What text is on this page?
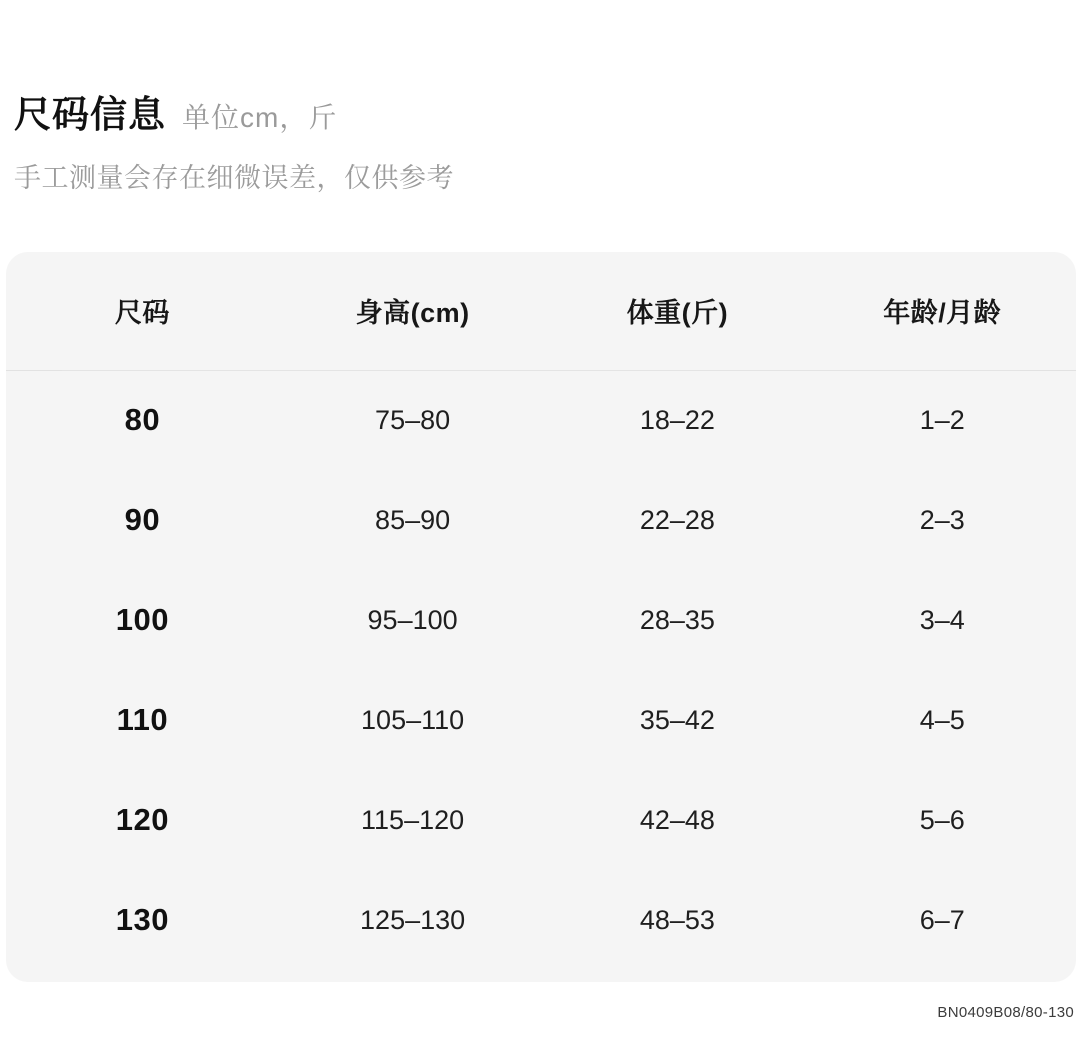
尺码信息 单位cm，斤
手工测量会存在细微误差，仅供参考
尺码	身高(cm)	体重(斤)	年龄/月龄
80	75–80	18–22	1–2
90	85–90	22–28	2–3
100	95–100	28–35	3–4
110	105–110	35–42	4–5
120	115–120	42–48	5–6
130	125–130	48–53	6–7
BN0409B08/80-130
